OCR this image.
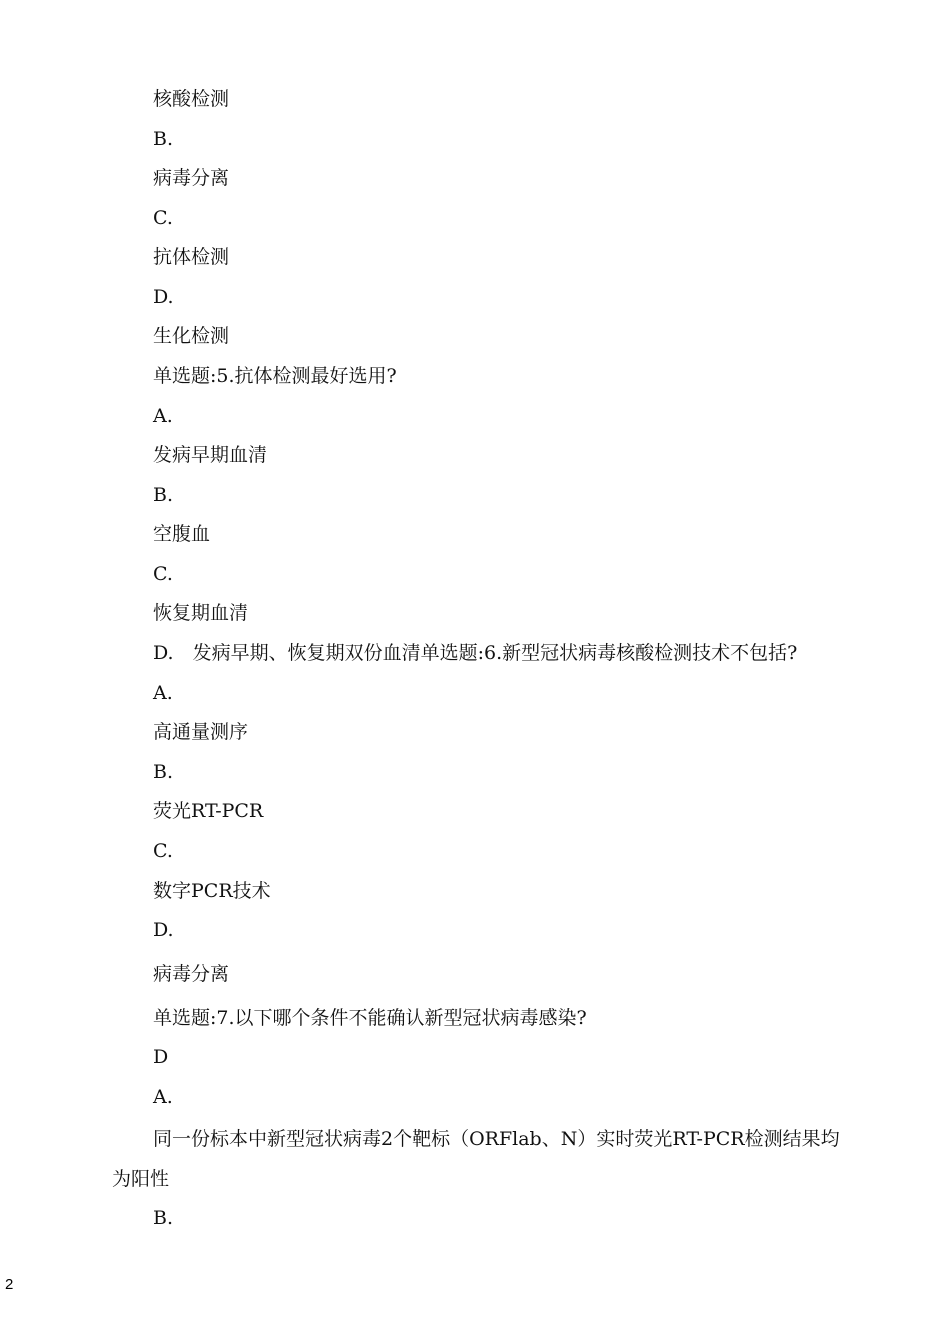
核酸检测

B.

病毒分离

C.

抗体检测

D.

生化检测

单选题:5.抗体检测最好选用?

A.

发病早期血清

B.

空腹血

C.

恢复期血清

D.　发病早期、恢复期双份血清单选题:6.新型冠状病毒核酸检测技术不包括?

A.

高通量测序

B.

荧光RT-PCR

C.

数字PCR技术

D.

病毒分离

单选题:7.以下哪个条件不能确认新型冠状病毒感染?

D

A.

同一份标本中新型冠状病毒2个靶标（ORFlab、N）实时荧光RT-PCR检测结果均为阳性

B.

2
